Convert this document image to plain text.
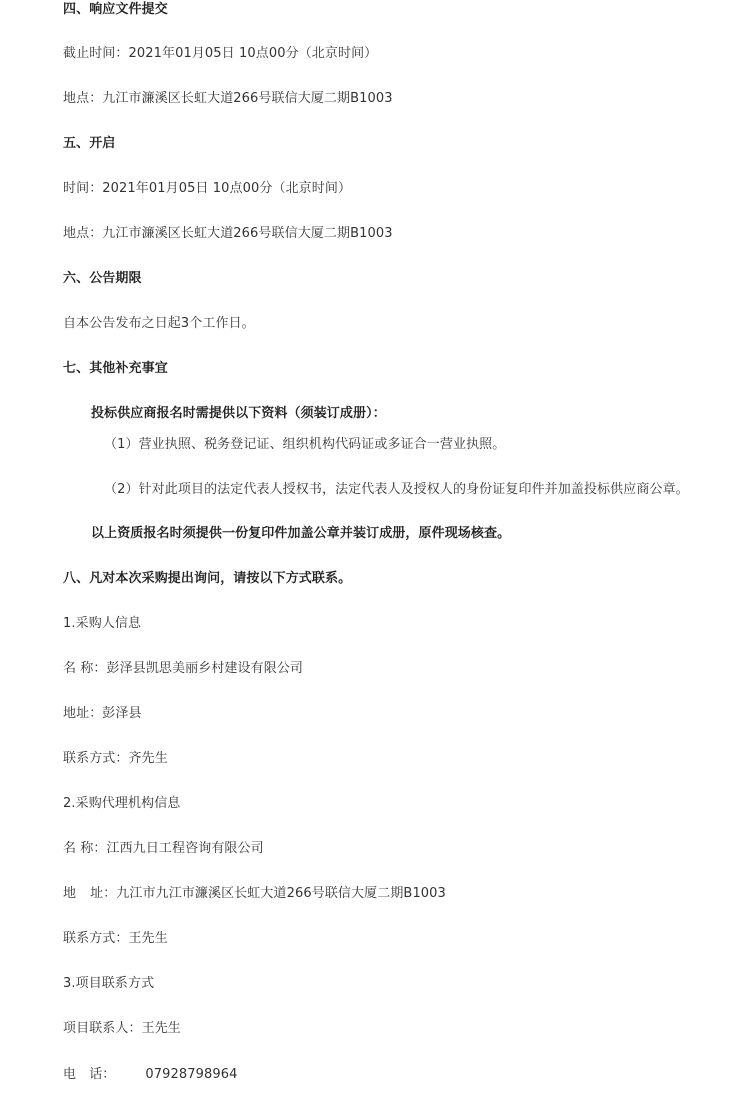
四、响应文件提交
截止时间：2021年01月05日 10点00分（北京时间）
地点：九江市濂溪区长虹大道266号联信大厦二期B1003
五、开启
时间：2021年01月05日 10点00分（北京时间）
地点：九江市濂溪区长虹大道266号联信大厦二期B1003
六、公告期限
自本公告发布之日起3个工作日。
七、其他补充事宜
投标供应商报名时需提供以下资料（须装订成册）：
（1）营业执照、税务登记证、组织机构代码证或多证合一营业执照。
（2）针对此项目的法定代表人授权书，法定代表人及授权人的身份证复印件并加盖投标供应商公章。
以上资质报名时须提供一份复印件加盖公章并装订成册，原件现场核查。
八、凡对本次采购提出询问，请按以下方式联系。
1.采购人信息
名 称：彭泽县凯思美丽乡村建设有限公司
地址：彭泽县
联系方式：齐先生
2.采购代理机构信息
名 称：江西九日工程咨询有限公司
地 址：九江市九江市濂溪区长虹大道266号联信大厦二期B1003
联系方式：王先生
3.项目联系方式
项目联系人：王先生
电　话： 07928798964
